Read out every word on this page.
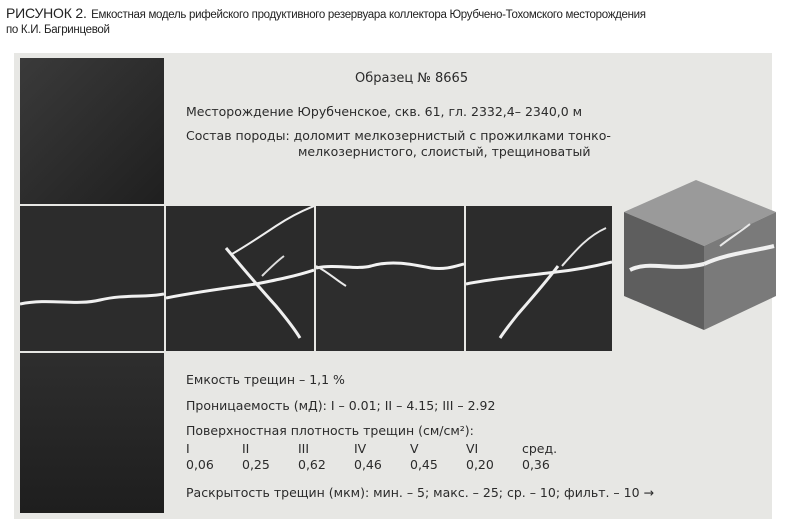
РИСУНОК 2. Емкостная модель рифейского продуктивного резервуара коллектора Юрубчено-Тохомского месторождения
по К.И. Багринцевой
Образец № 8665
Месторождение Юрубченское, скв. 61, гл. 2332,4– 2340,0 м
Состав породы: доломит мелкозернистый с прожилками тонко-
мелкозернистого, слоистый, трещиноватый
Емкость трещин – 1,1 %
Проницаемость (мД): I – 0.01; II – 4.15; III – 2.92
Поверхностная плотность трещин (см/см²):
I
0,06
II
0,25
III
0,62
IV
0,46
V
0,45
VI
0,20
сред.
0,36
Раскрытость трещин (мкм): мин. – 5; макс. – 25; ср. – 10; фильт. – 10 →
